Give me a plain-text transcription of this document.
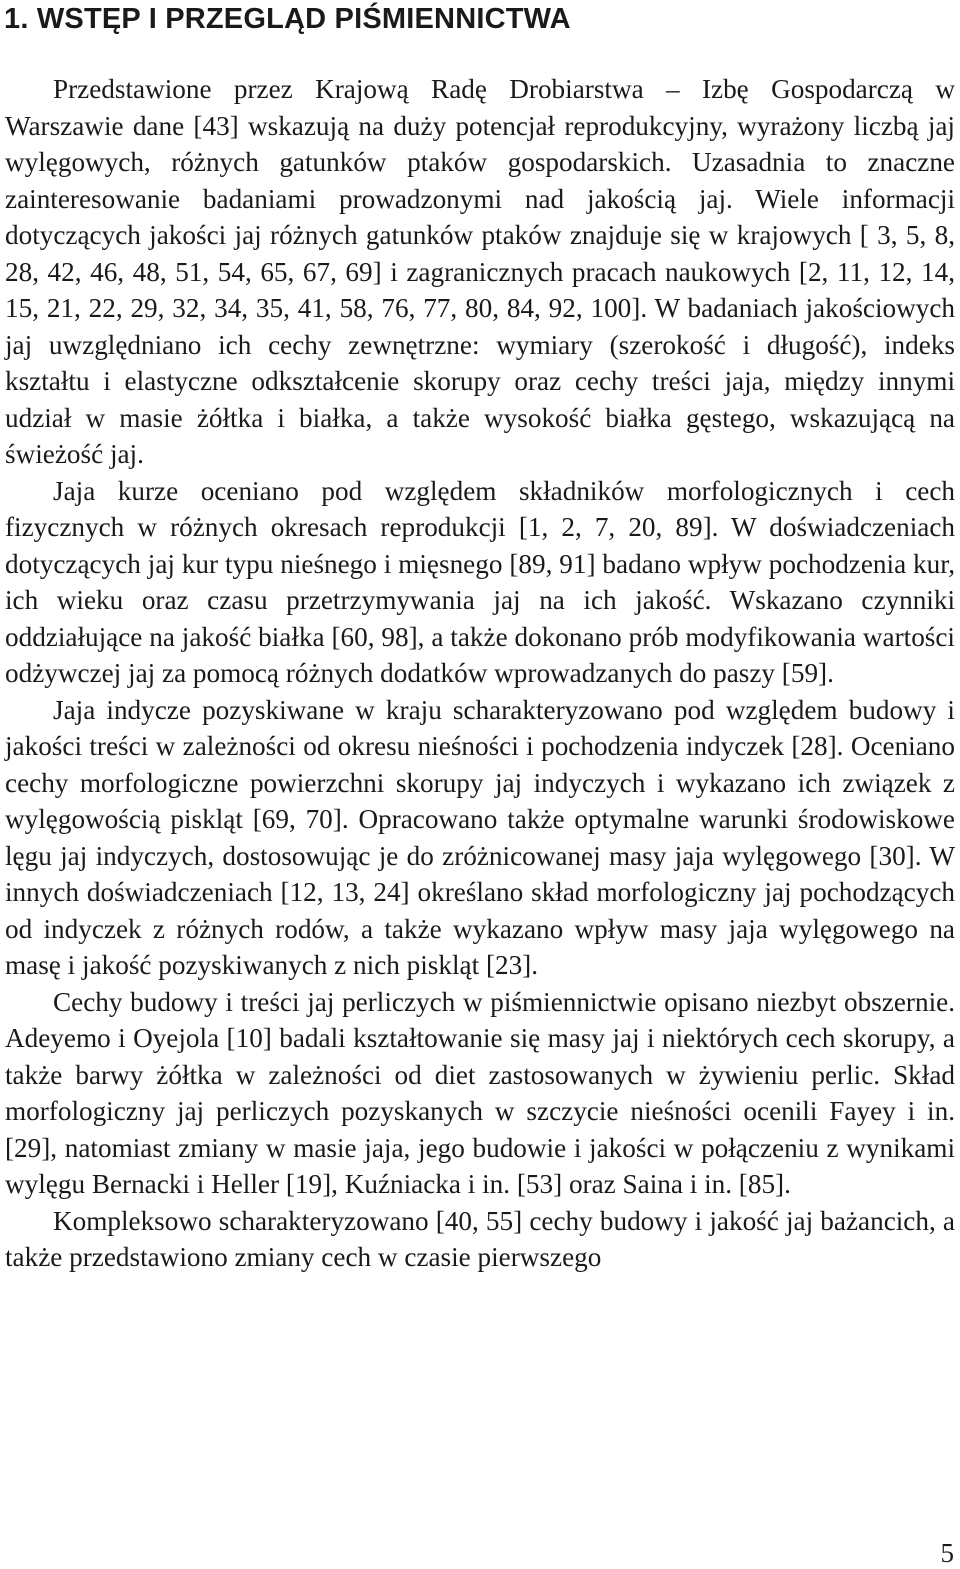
1. WSTĘP I PRZEGLĄD PIŚMIENNICTWA

Przedstawione przez Krajową Radę Drobiarstwa – Izbę Gospodarczą w Warszawie dane [43] wskazują na duży potencjał reprodukcyjny, wyrażony liczbą jaj wylęgowych, różnych gatunków ptaków gospodarskich. Uzasadnia to znaczne zainteresowanie badaniami prowadzonymi nad jakością jaj. Wiele informacji dotyczących jakości jaj różnych gatunków ptaków znajduje się w krajowych [ 3, 5, 8, 28, 42, 46, 48, 51, 54, 65, 67, 69] i zagranicznych pracach naukowych [2, 11, 12, 14, 15, 21, 22, 29, 32, 34, 35, 41, 58, 76, 77, 80, 84, 92, 100]. W badaniach jakościowych jaj uwzględniano ich cechy zewnętrzne: wymiary (szerokość i długość), indeks kształtu i elastyczne odkształcenie skorupy oraz cechy treści jaja, między innymi udział w masie żółtka i białka, a także wysokość białka gęstego, wskazującą na świeżość jaj.

Jaja kurze oceniano pod względem składników morfologicznych i cech fizycznych w różnych okresach reprodukcji [1, 2, 7, 20, 89]. W doświadczeniach dotyczących jaj kur typu nieśnego i mięsnego [89, 91] badano wpływ pochodzenia kur, ich wieku oraz czasu przetrzymywania jaj na ich jakość. Wskazano czynniki oddziałujące na jakość białka [60, 98], a także dokonano prób modyfikowania wartości odżywczej jaj za pomocą różnych dodatków wprowadzanych do paszy [59].

Jaja indycze pozyskiwane w kraju scharakteryzowano pod względem budowy i jakości treści w zależności od okresu nieśności i pochodzenia indyczek [28]. Oceniano cechy morfologiczne powierzchni skorupy jaj indyczych i wykazano ich związek z wylęgowością piskląt [69, 70]. Opracowano także optymalne warunki środowiskowe lęgu jaj indyczych, dostosowując je do zróżnicowanej masy jaja wylęgowego [30]. W innych doświadczeniach [12, 13, 24] określano skład morfologiczny jaj pochodzących od indyczek z różnych rodów, a także wykazano wpływ masy jaja wylęgowego na masę i jakość pozyskiwanych z nich piskląt [23].

Cechy budowy i treści jaj perliczych w piśmiennictwie opisano niezbyt obszernie. Adeyemo i Oyejola [10] badali kształtowanie się masy jaj i niektórych cech skorupy, a także barwy żółtka w zależności od diet zastosowanych w żywieniu perlic. Skład morfologiczny jaj perliczych pozyskanych w szczycie nieśności ocenili Fayey i in. [29], natomiast zmiany w masie jaja, jego budowie i jakości w połączeniu z wynikami wylęgu Bernacki i Heller [19], Kuźniacka i in. [53] oraz Saina i in. [85].

Kompleksowo scharakteryzowano [40, 55] cechy budowy i jakość jaj bażancich, a także przedstawiono zmiany cech w czasie pierwszego

5
